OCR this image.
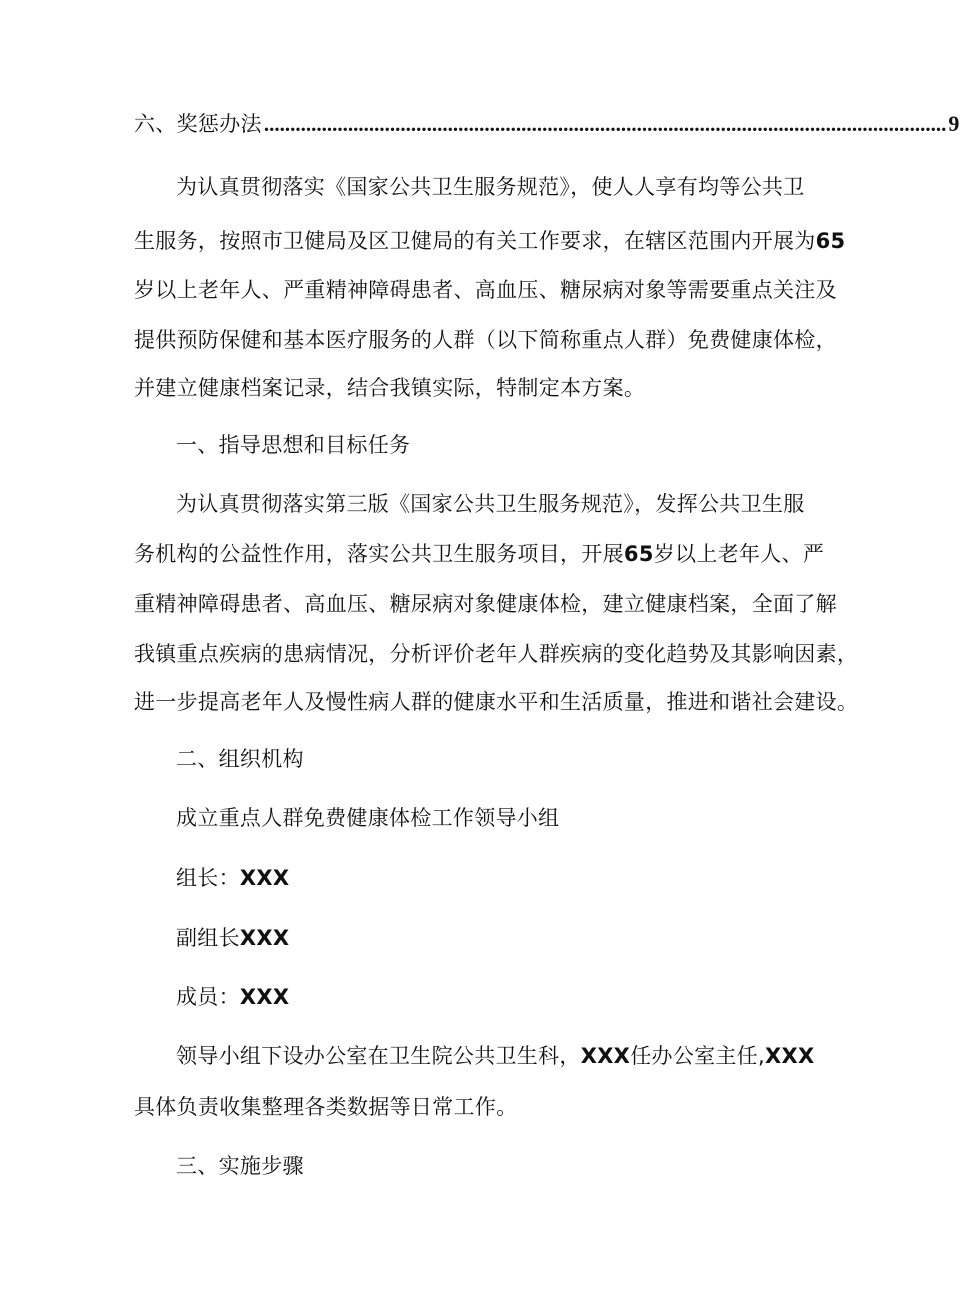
六、奖惩办法 .................................................................................................................................. 9
为认真贯彻落实《国家公共卫生服务规范》，使人人享有均等公共卫
生服务，按照市卫健局及区卫健局的有关工作要求，在辖区范围内开展为65
岁以上老年人、严重精神障碍患者、高血压、糖尿病对象等需要重点关注及
提供预防保健和基本医疗服务的人群（以下简称重点人群）免费健康体检，
并建立健康档案记录，结合我镇实际，特制定本方案。
一、指导思想和目标任务
为认真贯彻落实第三版《国家公共卫生服务规范》，发挥公共卫生服
务机构的公益性作用，落实公共卫生服务项目，开展65岁以上老年人、严
重精神障碍患者、高血压、糖尿病对象健康体检，建立健康档案，全面了解
我镇重点疾病的患病情况，分析评价老年人群疾病的变化趋势及其影响因素，
进一步提高老年人及慢性病人群的健康水平和生活质量，推进和谐社会建设。
二、组织机构
成立重点人群免费健康体检工作领导小组
组长：XXX
副组长XXX
成员：XXX
领导小组下设办公室在卫生院公共卫生科，XXX任办公室主任,XXX
具体负责收集整理各类数据等日常工作。
三、实施步骤
